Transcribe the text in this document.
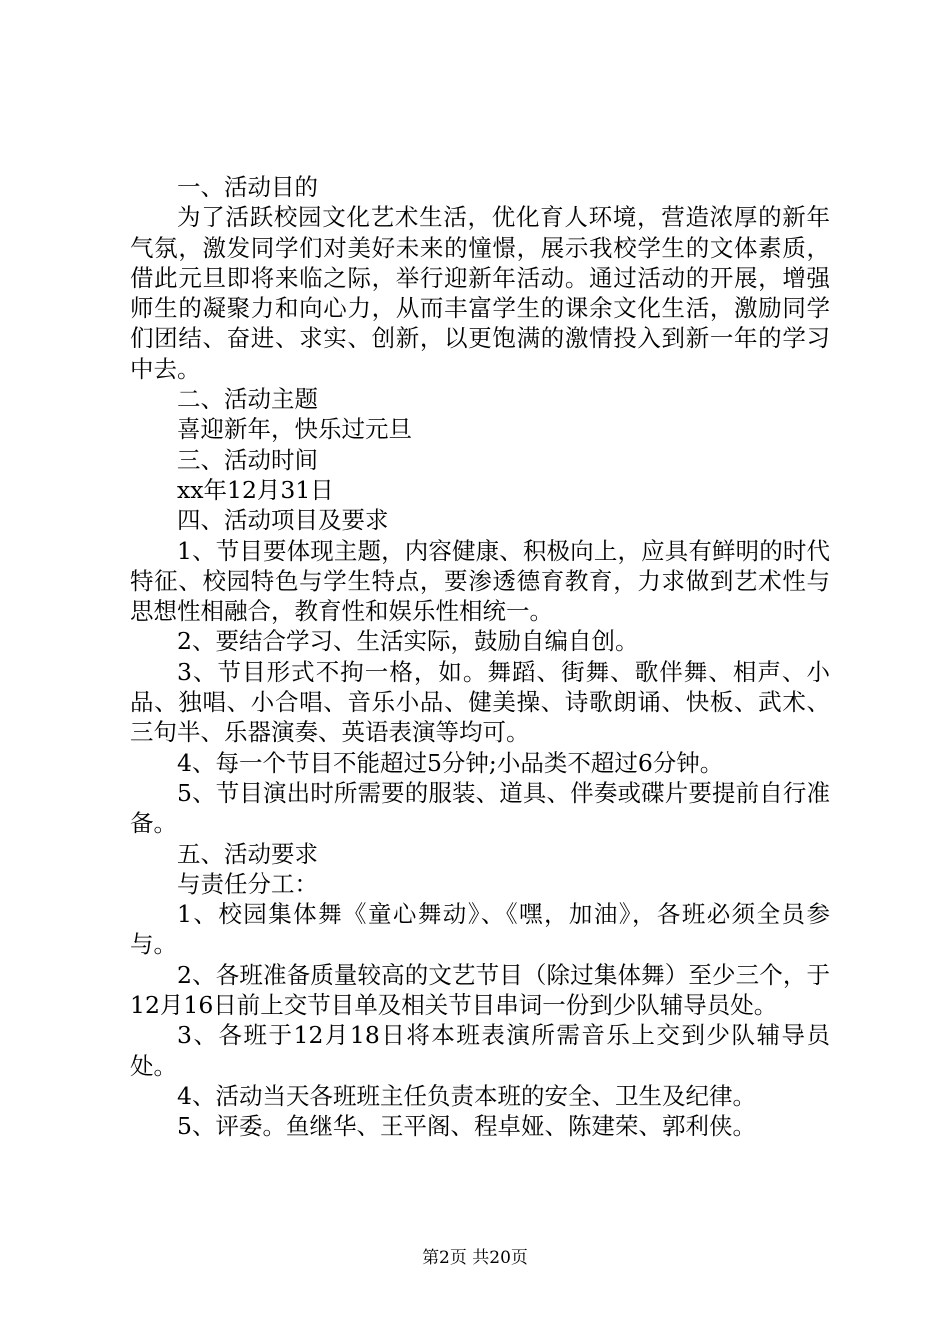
一、活动目的

为了活跃校园文化艺术生活，优化育人环境，营造浓厚的新年气氛，激发同学们对美好未来的憧憬，展示我校学生的文体素质，借此元旦即将来临之际，举行迎新年活动。通过活动的开展，增强师生的凝聚力和向心力，从而丰富学生的课余文化生活，激励同学们团结、奋进、求实、创新，以更饱满的激情投入到新一年的学习中去。

二、活动主题

喜迎新年，快乐过元旦

三、活动时间

xx年12月31日

四、活动项目及要求

1、节目要体现主题，内容健康、积极向上，应具有鲜明的时代特征、校园特色与学生特点，要渗透德育教育，力求做到艺术性与思想性相融合，教育性和娱乐性相统一。

2、要结合学习、生活实际，鼓励自编自创。

3、节目形式不拘一格，如。舞蹈、街舞、歌伴舞、相声、小品、独唱、小合唱、音乐小品、健美操、诗歌朗诵、快板、武术、三句半、乐器演奏、英语表演等均可。

4、每一个节目不能超过5分钟;小品类不超过6分钟。

5、节目演出时所需要的服装、道具、伴奏或碟片要提前自行准备。

五、活动要求

与责任分工：

1、校园集体舞《童心舞动》、《嘿，加油》，各班必须全员参与。

2、各班准备质量较高的文艺节目（除过集体舞）至少三个，于12月16日前上交节目单及相关节目串词一份到少队辅导员处。

3、各班于12月18日将本班表演所需音乐上交到少队辅导员处。

4、活动当天各班班主任负责本班的安全、卫生及纪律。

5、评委。鱼继华、王平阁、程卓娅、陈建荣、郭利侠。

第2页 共20页
